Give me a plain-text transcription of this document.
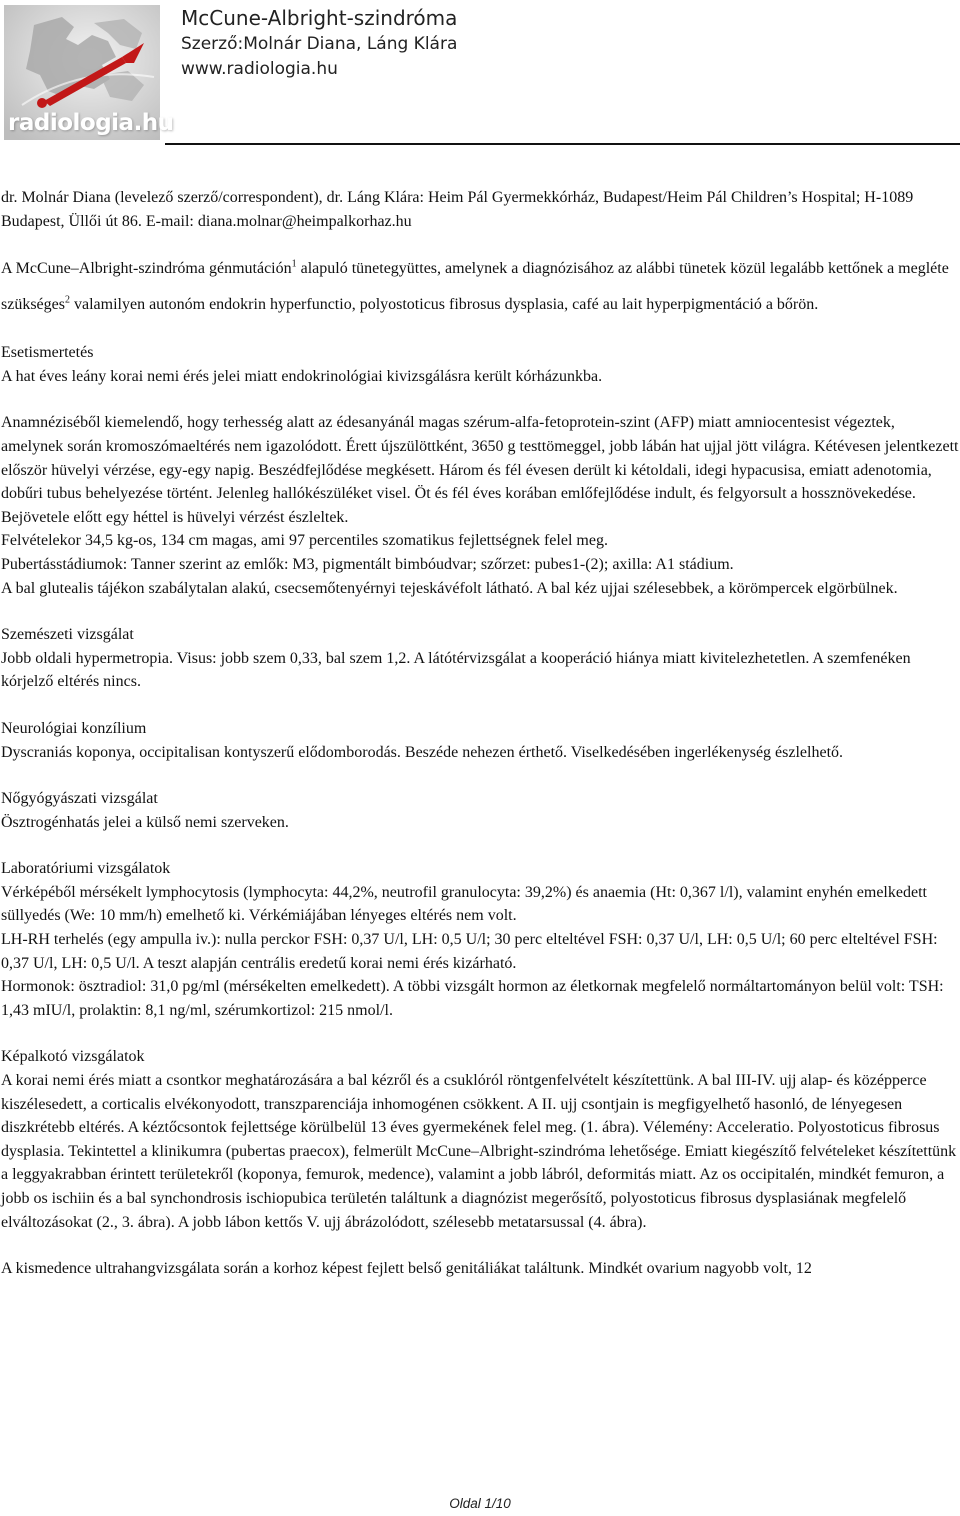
radiologia.hu
McCune-Albright-szindróma
Szerző:Molnár Diana, Láng Klára
www.radiologia.hu

dr. Molnár Diana (levelező szerző/correspondent), dr. Láng Klára: Heim Pál Gyermekkórház, Budapest/Heim Pál Children’s Hospital; H-1089 Budapest, Üllői út 86. E-mail: diana.molnar@heimpalkorhaz.hu

A McCune–Albright-szindróma génmutáción$^1$ alapuló tünetegyüttes, amelynek a diagnózisához az alábbi tünetek közül legalább kettőnek a megléte szükséges$^2$ valamilyen autonóm endokrin hyperfunctio, polyostoticus fibrosus dysplasia, café au lait hyperpigmentáció a bőrön.

Esetismertetés

A hat éves leány korai nemi érés jelei miatt endokrinológiai kivizsgálásra került kórházunkba.

Anamnéziséből kiemelendő, hogy terhesség alatt az édesanyánál magas szérum-alfa-fetoprotein-szint (AFP) miatt amniocentesist végeztek, amelynek során kromoszómaeltérés nem igazolódott. Érett újszülöttként, 3650 g testtömeggel, jobb lábán hat ujjal jött világra. Kétévesen jelentkezett először hüvelyi vérzése, egy-egy napig. Beszédfejlődése megkésett. Három és fél évesen derült ki kétoldali, idegi hypacusisa, emiatt adenotomia, dobűri tubus behelyezése történt. Jelenleg hallókészüléket visel. Öt és fél éves korában emlőfejlődése indult, és felgyorsult a hossznövekedése. Bejövetele előtt egy héttel is hüvelyi vérzést észleltek.

Felvételekor 34,5 kg-os, 134 cm magas, ami 97 percentiles szomatikus fejlettségnek felel meg.

Pubertásstádiumok: Tanner szerint az emlők: M3, pigmentált bimbóudvar; szőrzet: pubes1-(2); axilla: A1 stádium.

A bal glutealis tájékon szabálytalan alakú, csecsemőtenyérnyi tejeskávéfolt látható. A bal kéz ujjai szélesebbek, a körömpercek elgörbülnek.

Szemészeti vizsgálat

Jobb oldali hypermetropia. Visus: jobb szem 0,33, bal szem 1,2. A látótérvizsgálat a kooperáció hiánya miatt kivitelezhetetlen. A szemfenéken kórjelző eltérés nincs.

Neurológiai konzílium

Dyscraniás koponya, occipitalisan kontyszerű elődomborodás. Beszéde nehezen érthető. Viselkedésében ingerlékenység észlelhető.

Nőgyógyászati vizsgálat

Ösztrogénhatás jelei a külső nemi szerveken.

Laboratóriumi vizsgálatok

Vérképéből mérsékelt lymphocytosis (lymphocyta: 44,2%, neutrofil granulocyta: 39,2%) és anaemia (Ht: 0,367 l/l), valamint enyhén emelkedett süllyedés (We: 10 mm/h) emelhető ki. Vérkémiájában lényeges eltérés nem volt.

LH-RH terhelés (egy ampulla iv.): nulla perckor FSH: 0,37 U/l, LH: 0,5 U/l; 30 perc elteltével FSH: 0,37 U/l, LH: 0,5 U/l; 60 perc elteltével FSH: 0,37 U/l, LH: 0,5 U/l. A teszt alapján centrális eredetű korai nemi érés kizárható.

Hormonok: ösztradiol: 31,0 pg/ml (mérsékelten emelkedett). A többi vizsgált hormon az életkornak megfelelő normáltartományon belül volt: TSH: 1,43 mIU/l, prolaktin: 8,1 ng/ml, szérumkortizol: 215 nmol/l.

Képalkotó vizsgálatok

A korai nemi érés miatt a csontkor meghatározására a bal kézről és a csuklóról röntgenfelvételt készítettünk. A bal III-IV. ujj alap- és középperce kiszélesedett, a corticalis elvékonyodott, transzparenciája inhomogénen csökkent. A II. ujj csontjain is megfigyelhető hasonló, de lényegesen diszkrétebb eltérés. A kéztőcsontok fejlettsége körülbelül 13 éves gyermekének felel meg. (1. ábra). Vélemény: Acceleratio. Polyostoticus fibrosus dysplasia. Tekintettel a klinikumra (pubertas praecox), felmerült McCune–Albright-szindróma lehetősége. Emiatt kiegészítő felvételeket készítettünk a leggyakrabban érintett területekről (koponya, femurok, medence), valamint a jobb lábról, deformitás miatt. Az os occipitalén, mindkét femuron, a jobb os ischiin és a bal synchondrosis ischiopubica területén találtunk a diagnózist megerősítő, polyostoticus fibrosus dysplasiának megfelelő elváltozásokat (2., 3. ábra). A jobb lábon kettős V. ujj ábrázolódott, szélesebb metatarsussal (4. ábra).

A kismedence ultrahangvizsgálata során a korhoz képest fejlett belső genitáliákat találtunk. Mindkét ovarium nagyobb volt, 12

Oldal 1/10
